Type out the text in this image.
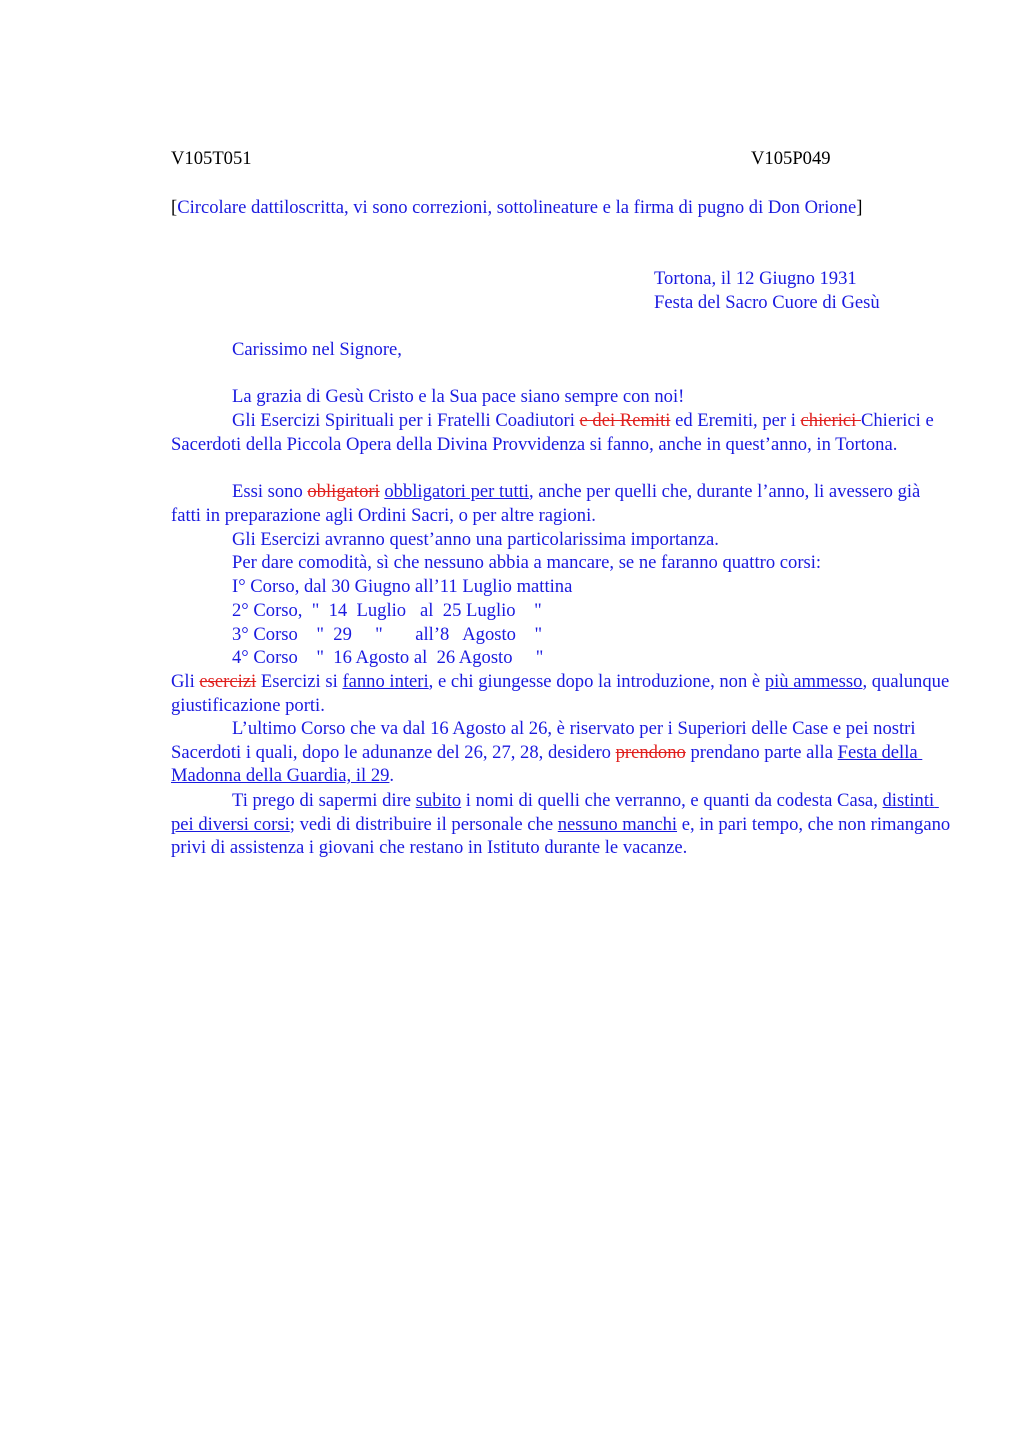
V105T051	V105P049
[Circolare dattiloscritta, vi sono correzioni, sottolineature e la firma di pugno di Don Orione]
Tortona, il 12 Giugno 1931
Festa del Sacro Cuore di Gesù
Carissimo nel Signore,
La grazia di Gesù Cristo e la Sua pace siano sempre con noi!
Gli Esercizi Spirituali per i Fratelli Coadiutori e dei Remiti ed Eremiti, per i chierici Chierici e Sacerdoti della Piccola Opera della Divina Provvidenza si fanno, anche in quest’anno, in Tortona.
Essi sono obligatori obbligatori per tutti, anche per quelli che, durante l’anno, li avessero già fatti in preparazione agli Ordini Sacri, o per altre ragioni.
Gli Esercizi avranno quest’anno una particolarissima importanza.
Per dare comodità, sì che nessuno abbia a mancare, se ne faranno quattro corsi:
I° Corso, dal 30 Giugno all’11 Luglio mattina
2° Corso,  "  14  Luglio   al  25 Luglio    "
3° Corso    "  29     "       all’8   Agosto    "
4° Corso    "  16 Agosto al  26 Agosto     "
Gli esercizi Esercizi si fanno interi, e chi giungesse dopo la introduzione, non è più ammesso, qualunque giustificazione porti.
L’ultimo Corso che va dal 16 Agosto al 26, è riservato per i Superiori delle Case e pei nostri Sacerdoti i quali, dopo le adunanze del 26, 27, 28, desidero prendono prendano parte alla Festa della Madonna della Guardia, il 29.
Ti prego di sapermi dire subito i nomi di quelli che verranno, e quanti da codesta Casa, distinti pei diversi corsi; vedi di distribuire il personale che nessuno manchi e, in pari tempo, che non rimangano privi di assistenza i giovani che restano in Istituto durante le vacanze.
